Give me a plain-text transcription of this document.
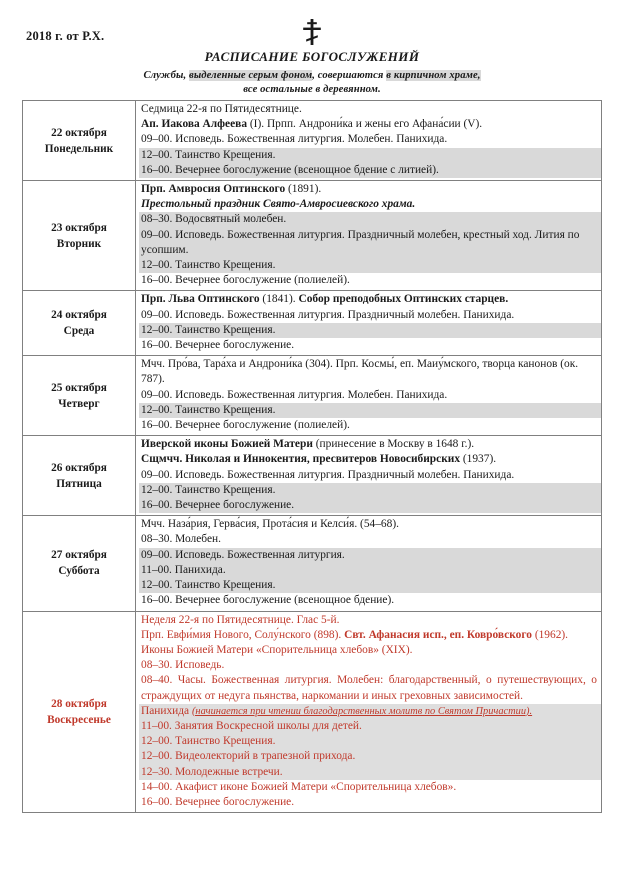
2018 г. от Р.Х.
РАСПИСАНИЕ БОГОСЛУЖЕНИЙ
Службы, выделенные серым фоном, совершаются в кирпичном храме,
все остальные в деревянном.
22 октября
Понедельник

Седмица 22-я по Пятидесятнице.
Ап. Иакова Алфеева (I). Прпп. Андрони́ка и жены его Афана́сии (V).
09–00. Исповедь. Божественная литургия. Молебен. Панихида.
12–00. Таинство Крещения.
16–00. Вечернее богослужение (всенощное бдение с литией).

23 октября
Вторник

Прп. Амвросия Оптинского (1891).
Престольный праздник Свято-Амвросиевского храма.
08–30. Водосвятный молебен.
09–00. Исповедь. Божественная литургия. Праздничный молебен, крестный ход. Лития по усопшим.
12–00. Таинство Крещения.
16–00. Вечернее богослужение (полиелей).

24 октября
Среда

Прп. Льва Оптинского (1841). Собор преподобных Оптинских старцев.
09–00. Исповедь. Божественная литургия. Праздничный молебен. Панихида.
12–00. Таинство Крещения.
16–00. Вечернее богослужение.

25 октября
Четверг

Мчч. Про́ва, Тара́ха и Андрони́ка (304). Прп. Космы́, еп. Маиу́мского, творца канонов (ок. 787).
09–00. Исповедь. Божественная литургия. Молебен. Панихида.
12–00. Таинство Крещения.
16–00. Вечернее богослужение (полиелей).

26 октября
Пятница

Иверской иконы Божией Матери (принесение в Москву в 1648 г.).
Сщмчч. Николая и Иннокентия, пресвитеров Новосибирских (1937).
09–00. Исповедь. Божественная литургия. Праздничный молебен. Панихида.
12–00. Таинство Крещения.
16–00. Вечернее богослужение.

27 октября
Суббота

Мчч. Наза́рия, Герва́сия, Прота́сия и Келси́я. (54–68).
08–30. Молебен.
09–00. Исповедь. Божественная литургия.
11–00. Панихида.
12–00. Таинство Крещения.
16–00. Вечернее богослужение (всенощное бдение).

28 октября
Воскресенье

Неделя 22-я по Пятидесятнице. Глас 5-й.
Прп. Евфи́мия Нового, Солу́нского (898). Свт. Афанасия исп., еп. Ковро́вского (1962). Иконы Божией Матери «Спорительница хлебов» (XIX).
08–30. Исповедь.
08–40. Часы. Божественная литургия. Молебен: благодарственный, о путешествующих, о страждущих от недуга пьянства, наркомании и иных греховных зависимостей.
Панихида (начинается при чтении благодарственных молитв по Святом Причастии).
11–00. Занятия Воскресной школы для детей.
12–00. Таинство Крещения.
12–00. Видеолекторий в трапезной прихода.
12–30. Молодежные встречи.
14–00. Акафист иконе Божией Матери «Спорительница хлебов».
16–00. Вечернее богослужение.
